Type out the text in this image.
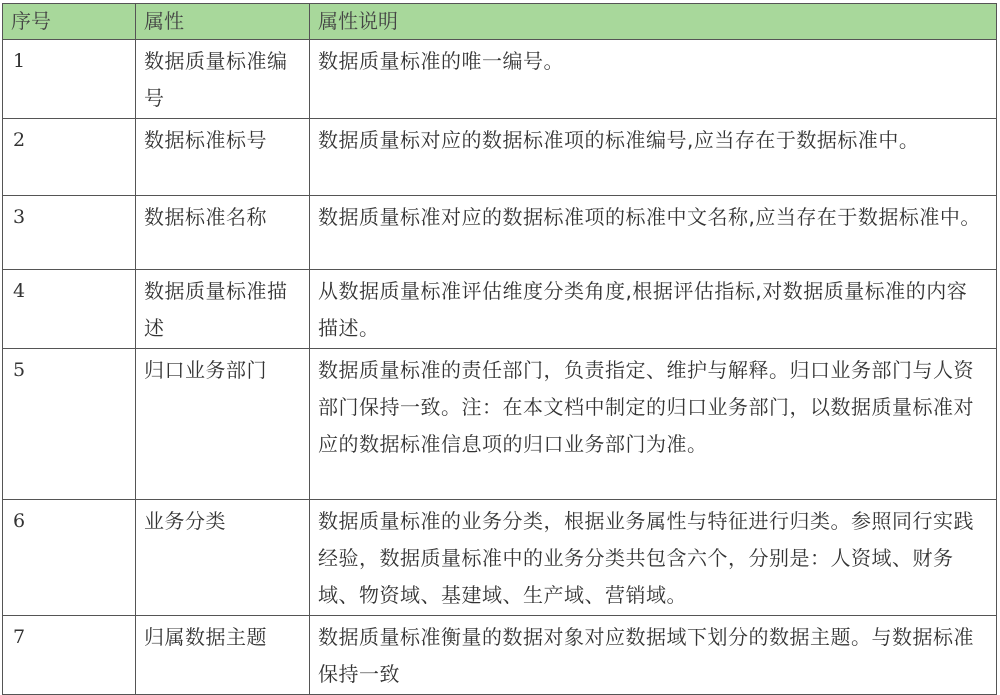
序号	属性	属性说明
1	数据质量标准编号	数据质量标准的唯一编号。
2	数据标准标号	数据质量标对应的数据标准项的标准编号,应当存在于数据标准中。
3	数据标准名称	数据质量标准对应的数据标准项的标准中文名称,应当存在于数据标准中。
4	数据质量标准描述	从数据质量标准评估维度分类角度,根据评估指标,对数据质量标准的内容描述。
5	归口业务部门	数据质量标准的责任部门，负责指定、维护与解释。归口业务部门与人资部门保持一致。注：在本文档中制定的归口业务部门，以数据质量标准对应的数据标准信息项的归口业务部门为准。
6	业务分类	数据质量标准的业务分类，根据业务属性与特征进行归类。参照同行实践经验，数据质量标准中的业务分类共包含六个，分别是：人资域、财务域、物资域、基建域、生产域、营销域。
7	归属数据主题	数据质量标准衡量的数据对象对应数据域下划分的数据主题。与数据标准保持一致
